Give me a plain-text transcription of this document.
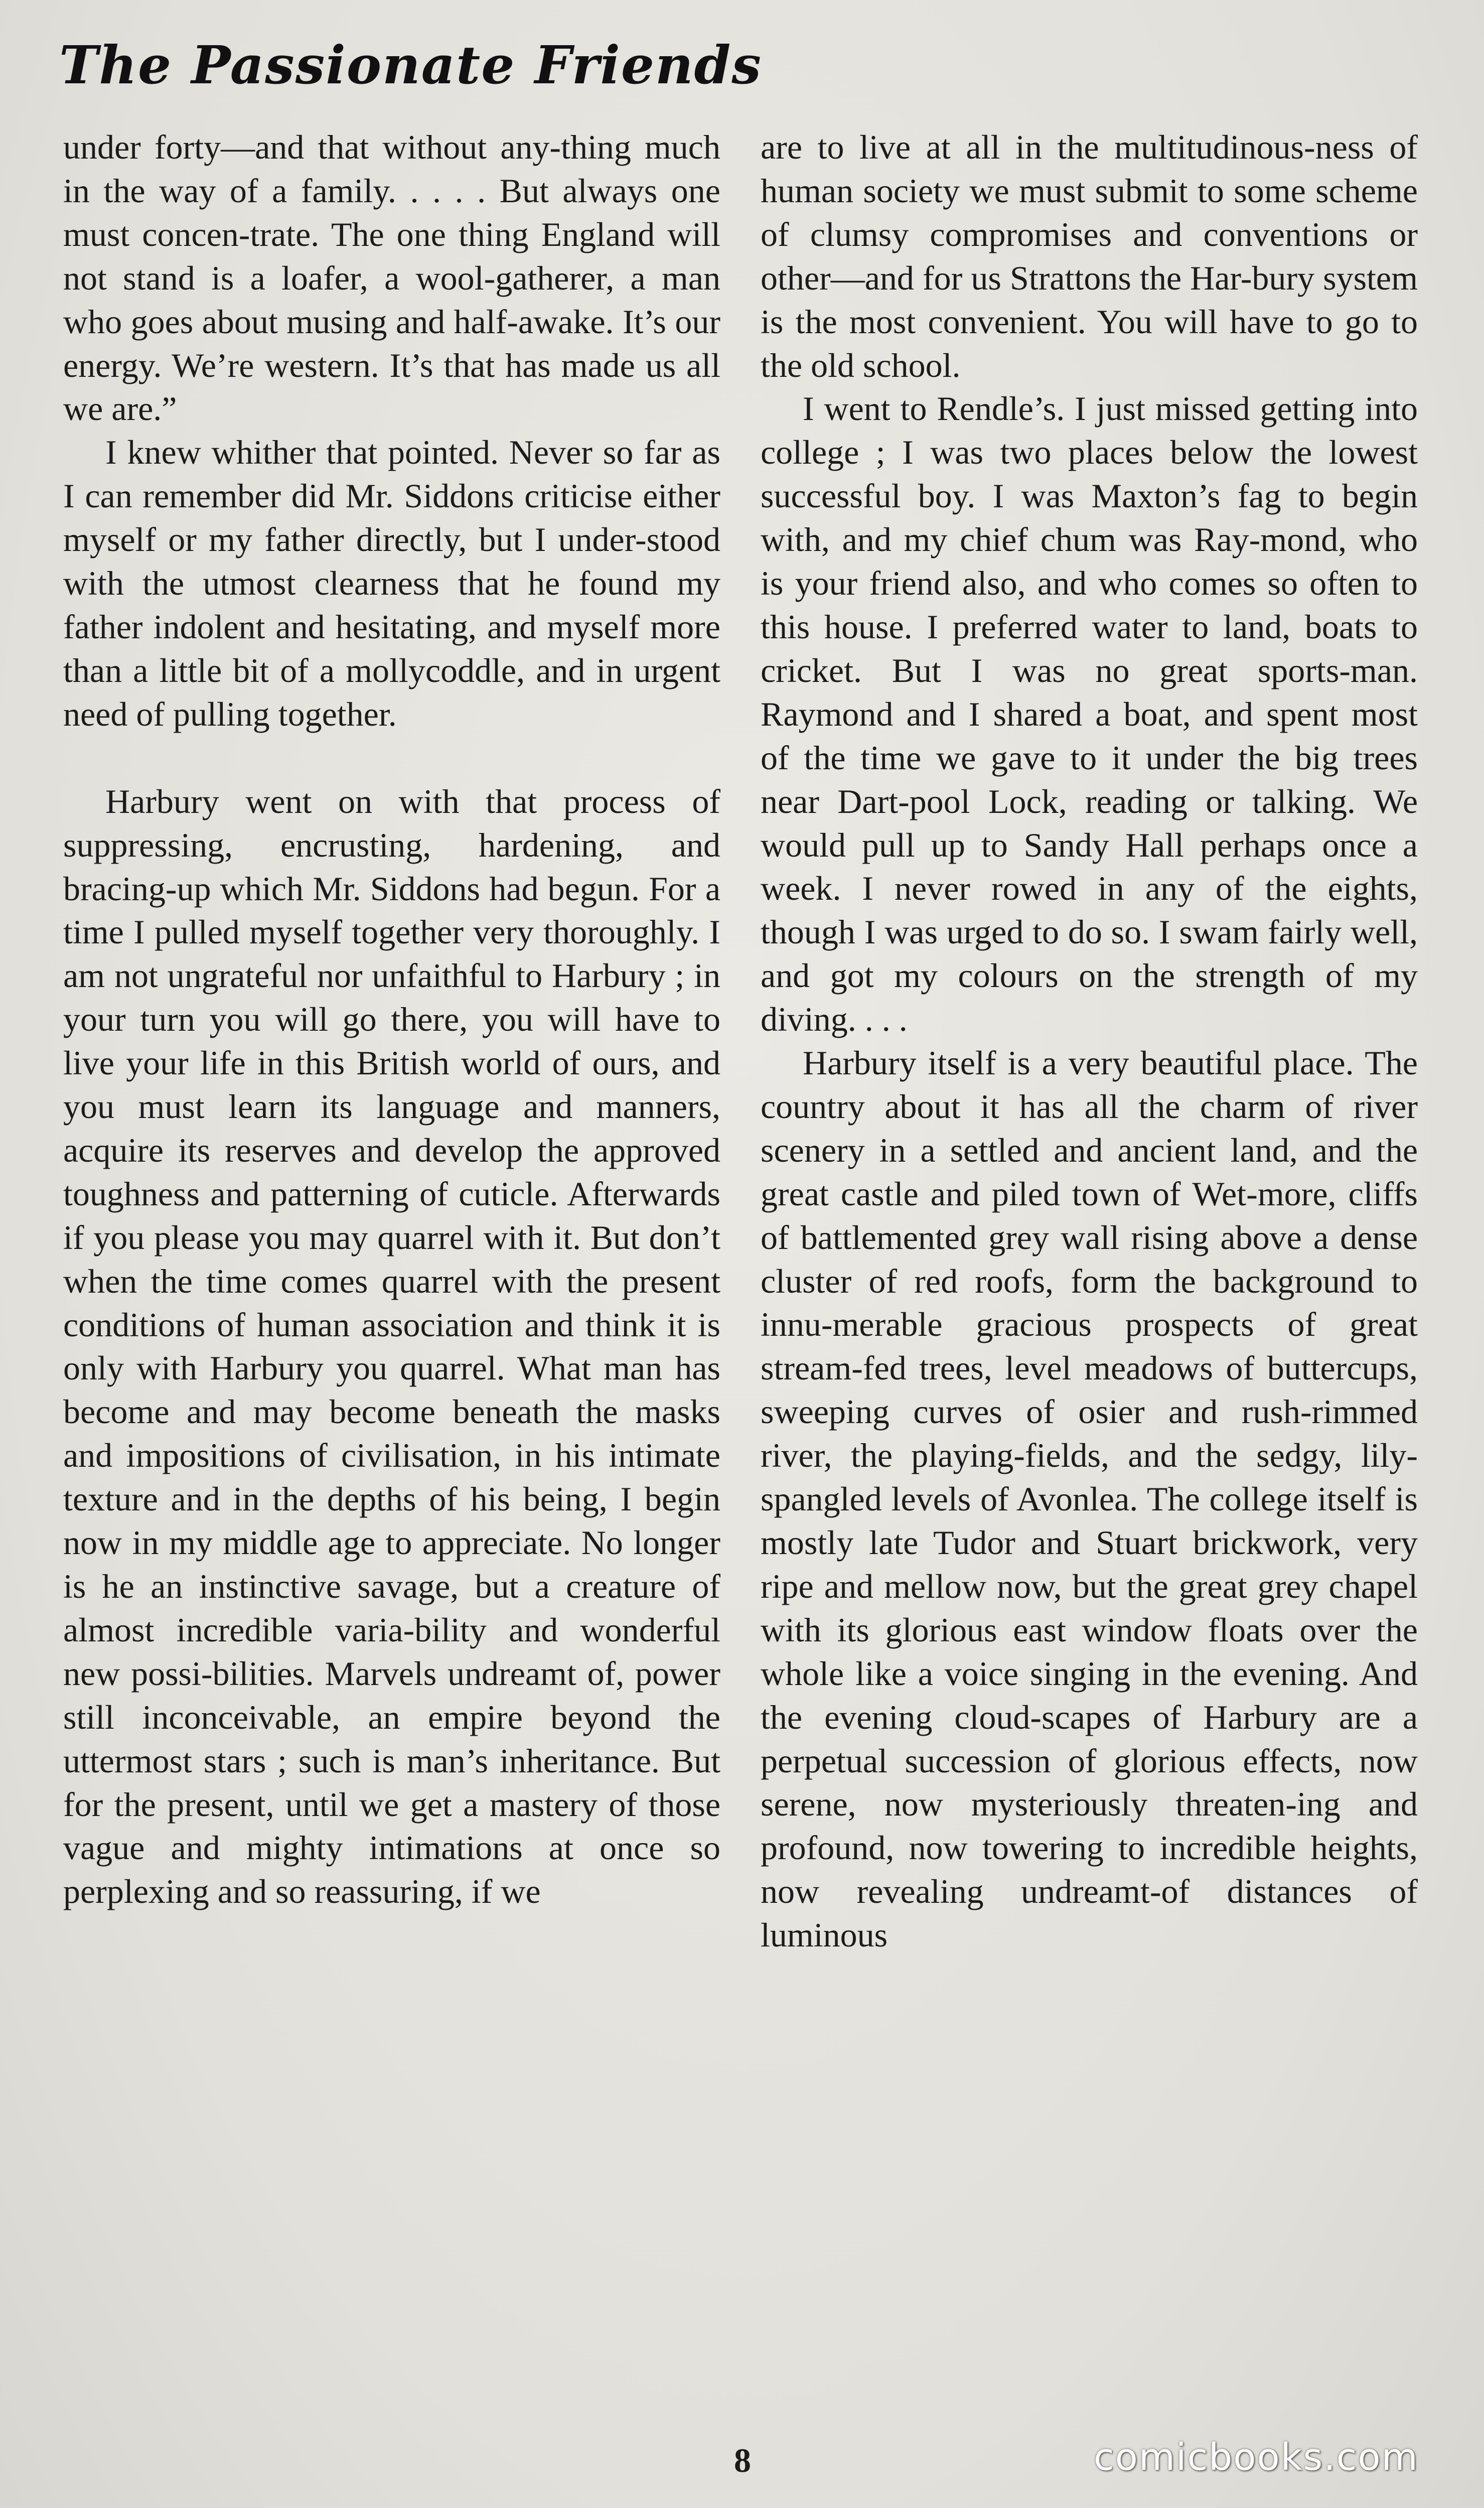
The Passionate Friends

under forty—and that without any-thing much in the way of a family. . . . . But always one must concen-trate. The one thing England will not stand is a loafer, a wool-gatherer, a man who goes about musing and half-awake. It’s our energy. We’re western. It’s that has made us all we are.”

I knew whither that pointed. Never so far as I can remember did Mr. Siddons criticise either myself or my father directly, but I under-stood with the utmost clearness that he found my father indolent and hesitating, and myself more than a little bit of a mollycoddle, and in urgent need of pulling together.

Harbury went on with that process of suppressing, encrusting, hardening, and bracing-up which Mr. Siddons had begun. For a time I pulled myself together very thoroughly. I am not ungrateful nor unfaithful to Harbury ; in your turn you will go there, you will have to live your life in this British world of ours, and you must learn its language and manners, acquire its reserves and develop the approved toughness and patterning of cuticle. Afterwards if you please you may quarrel with it. But don’t when the time comes quarrel with the present conditions of human association and think it is only with Harbury you quarrel. What man has become and may become beneath the masks and impositions of civilisation, in his intimate texture and in the depths of his being, I begin now in my middle age to appreciate. No longer is he an instinctive savage, but a creature of almost incredible varia-bility and wonderful new possi-bilities. Marvels undreamt of, power still inconceivable, an empire beyond the uttermost stars ; such is man’s inheritance. But for the present, until we get a mastery of those vague and mighty intimations at once so perplexing and so reassuring, if we

are to live at all in the multitudinous-ness of human society we must submit to some scheme of clumsy compromises and conventions or other—and for us Strattons the Har-bury system is the most convenient. You will have to go to the old school.

I went to Rendle’s. I just missed getting into college ; I was two places below the lowest successful boy. I was Maxton’s fag to begin with, and my chief chum was Ray-mond, who is your friend also, and who comes so often to this house. I preferred water to land, boats to cricket. But I was no great sports-man. Raymond and I shared a boat, and spent most of the time we gave to it under the big trees near Dart-pool Lock, reading or talking. We would pull up to Sandy Hall perhaps once a week. I never rowed in any of the eights, though I was urged to do so. I swam fairly well, and got my colours on the strength of my diving. . . .

Harbury itself is a very beautiful place. The country about it has all the charm of river scenery in a settled and ancient land, and the great castle and piled town of Wet-more, cliffs of battlemented grey wall rising above a dense cluster of red roofs, form the background to innu-merable gracious prospects of great stream-fed trees, level meadows of buttercups, sweeping curves of osier and rush-rimmed river, the playing-fields, and the sedgy, lily-spangled levels of Avonlea. The college itself is mostly late Tudor and Stuart brickwork, very ripe and mellow now, but the great grey chapel with its glorious east window floats over the whole like a voice singing in the evening. And the evening cloud-scapes of Harbury are a perpetual succession of glorious effects, now serene, now mysteriously threaten-ing and profound, now towering to incredible heights, now revealing undreamt-of distances of luminous

8	comicbooks.com
